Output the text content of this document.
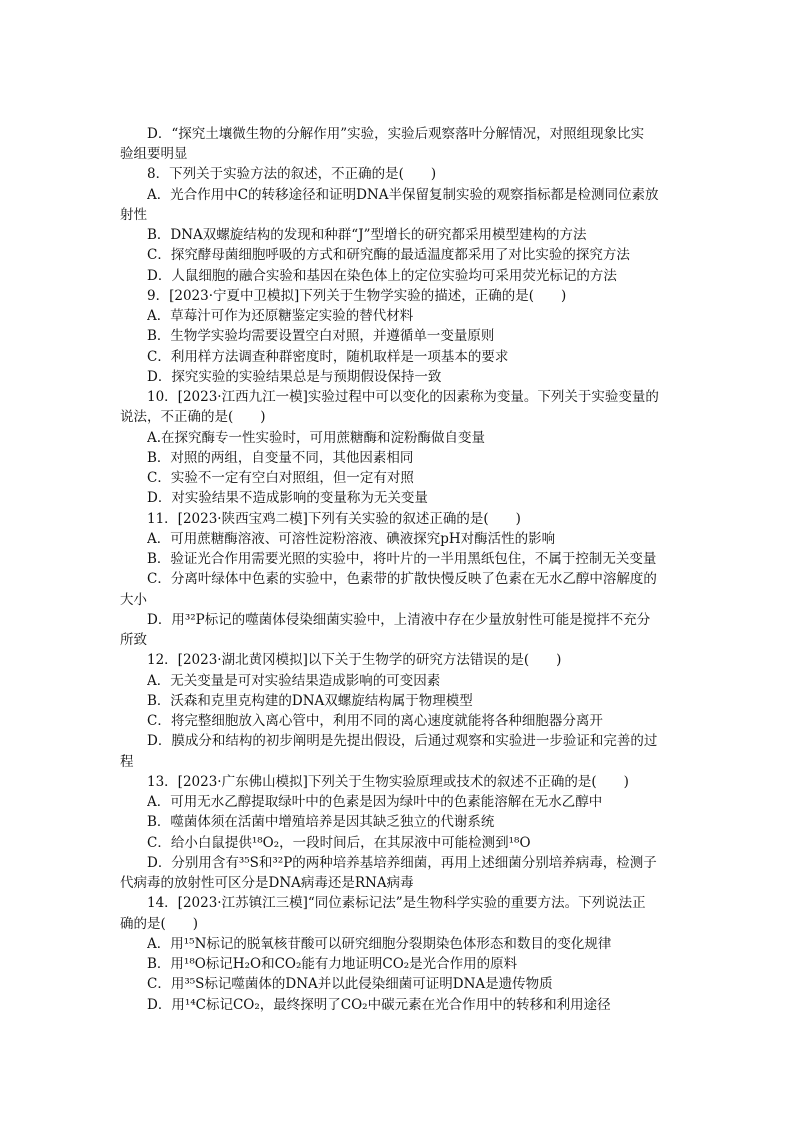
D．“探究土壤微生物的分解作用”实验，实验后观察落叶分解情况，对照组现象比实
验组要明显
8．下列关于实验方法的叙述，不正确的是(　　)
A．光合作用中C的转移途径和证明DNA半保留复制实验的观察指标都是检测同位素放
射性
B．DNA双螺旋结构的发现和种群“J”型增长的研究都采用模型建构的方法
C．探究酵母菌细胞呼吸的方式和研究酶的最适温度都采用了对比实验的探究方法
D．人鼠细胞的融合实验和基因在染色体上的定位实验均可采用荧光标记的方法
9．[2023·宁夏中卫模拟]下列关于生物学实验的描述，正确的是(　　)
A．草莓汁可作为还原糖鉴定实验的替代材料
B．生物学实验均需要设置空白对照，并遵循单一变量原则
C．利用样方法调查种群密度时，随机取样是一项基本的要求
D．探究实验的实验结果总是与预期假设保持一致
10．[2023·江西九江一模]实验过程中可以变化的因素称为变量。下列关于实验变量的
说法，不正确的是(　　)
A.在探究酶专一性实验时，可用蔗糖酶和淀粉酶做自变量
B．对照的两组，自变量不同，其他因素相同
C．实验不一定有空白对照组，但一定有对照
D．对实验结果不造成影响的变量称为无关变量
11．[2023·陕西宝鸡二模]下列有关实验的叙述正确的是(　　)
A．可用蔗糖酶溶液、可溶性淀粉溶液、碘液探究pH对酶活性的影响
B．验证光合作用需要光照的实验中，将叶片的一半用黑纸包住，不属于控制无关变量
C．分离叶绿体中色素的实验中，色素带的扩散快慢反映了色素在无水乙醇中溶解度的
大小
D．用³²P标记的噬菌体侵染细菌实验中，上清液中存在少量放射性可能是搅拌不充分
所致
12．[2023·湖北黄冈模拟]以下关于生物学的研究方法错误的是(　　)
A．无关变量是可对实验结果造成影响的可变因素
B．沃森和克里克构建的DNA双螺旋结构属于物理模型
C．将完整细胞放入离心管中，利用不同的离心速度就能将各种细胞器分离开
D．膜成分和结构的初步阐明是先提出假设，后通过观察和实验进一步验证和完善的过
程
13．[2023·广东佛山模拟]下列关于生物实验原理或技术的叙述不正确的是(　　)
A．可用无水乙醇提取绿叶中的色素是因为绿叶中的色素能溶解在无水乙醇中
B．噬菌体须在活菌中增殖培养是因其缺乏独立的代谢系统
C．给小白鼠提供¹⁸O₂，一段时间后，在其尿液中可能检测到¹⁸O
D．分别用含有³⁵S和³²P的两种培养基培养细菌，再用上述细菌分别培养病毒，检测子
代病毒的放射性可区分是DNA病毒还是RNA病毒
14．[2023·江苏镇江三模]“同位素标记法”是生物科学实验的重要方法。下列说法正
确的是(　　)
A．用¹⁵N标记的脱氧核苷酸可以研究细胞分裂期染色体形态和数目的变化规律
B．用¹⁸O标记H₂O和CO₂能有力地证明CO₂是光合作用的原料
C．用³⁵S标记噬菌体的DNA并以此侵染细菌可证明DNA是遗传物质
D．用¹⁴C标记CO₂，最终探明了CO₂中碳元素在光合作用中的转移和利用途径
